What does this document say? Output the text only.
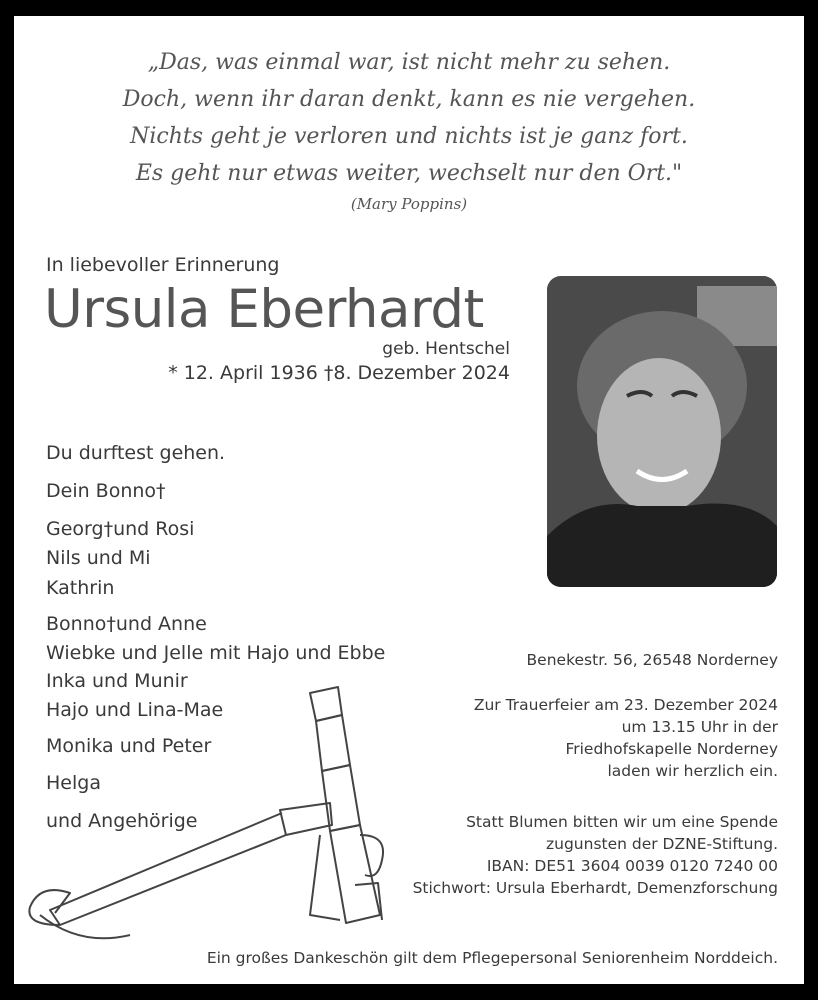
„Das, was einmal war, ist nicht mehr zu sehen.
Doch, wenn ihr daran denkt, kann es nie vergehen.
Nichts geht je verloren und nichts ist je ganz fort.
Es geht nur etwas weiter, wechselt nur den Ort."
(Mary Poppins)
In liebevoller Erinnerung
Ursula Eberhardt
geb. Hentschel
* 12. April 1936 †8. Dezember 2024
Du durftest gehen.
Dein Bonno†
Georg†und Rosi
Nils und Mi
Kathrin
Bonno†und Anne
Wiebke und Jelle mit Hajo und Ebbe
Inka und Munir
Hajo und Lina-Mae
Monika und Peter
Helga
und Angehörige
Benekestr. 56, 26548 Norderney
Zur Trauerfeier am 23. Dezember 2024
um 13.15 Uhr in der
Friedhofskapelle Norderney
laden wir herzlich ein.
Statt Blumen bitten wir um eine Spende
zugunsten der DZNE-Stiftung.
IBAN: DE51 3604 0039 0120 7240 00
Stichwort: Ursula Eberhardt, Demenzforschung
Ein großes Dankeschön gilt dem Pflegepersonal Seniorenheim Norddeich.
